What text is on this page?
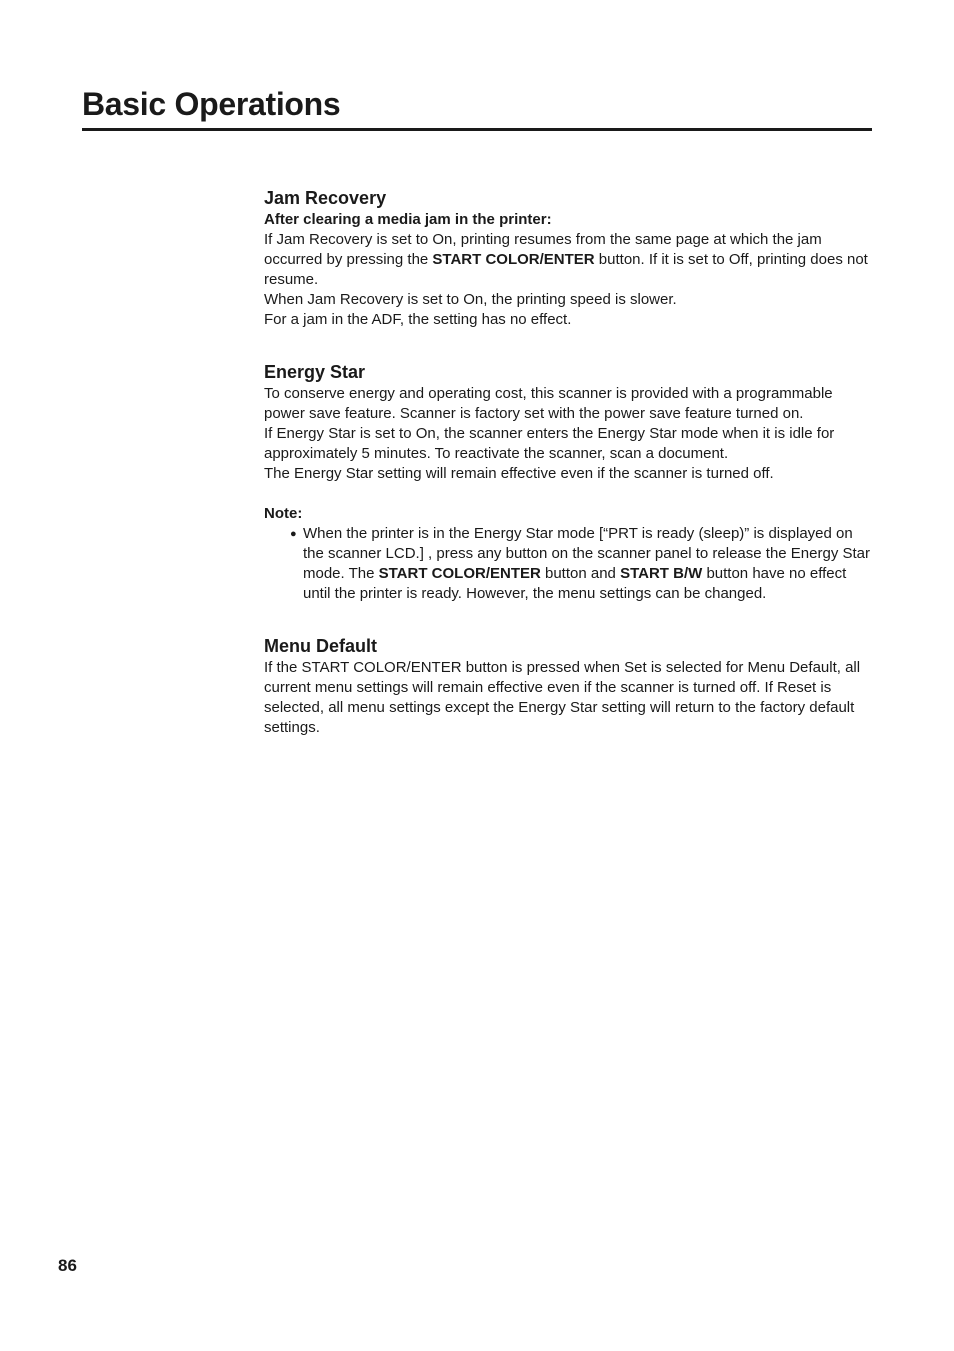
Basic Operations
Jam Recovery

After clearing a media jam in the printer:

If Jam Recovery is set to On, printing resumes from the same page at which the jam occurred by pressing the START COLOR/ENTER button. If it is set to Off, printing does not resume.

When Jam Recovery is set to On, the printing speed is slower.

For a jam in the ADF, the setting has no effect.

Energy Star

To conserve energy and operating cost, this scanner is provided with a programmable power save feature. Scanner is factory set with the power save feature turned on.

If Energy Star is set to On, the scanner enters the Energy Star mode when it is idle for approximately 5 minutes. To reactivate the scanner, scan a document.

The Energy Star setting will remain effective even if the scanner is turned off.

Note:

● When the printer is in the Energy Star mode [“PRT is ready (sleep)” is displayed on the scanner LCD.] , press any button on the scanner panel to release the Energy Star mode. The START COLOR/ENTER button and START B/W button have no effect until the printer is ready. However, the menu settings can be changed.
Menu Default

If the START COLOR/ENTER button is pressed when Set is selected for Menu Default, all current menu settings will remain effective even if the scanner is turned off. If Reset is selected, all menu settings except the Energy Star setting will return to the factory default settings.

86
